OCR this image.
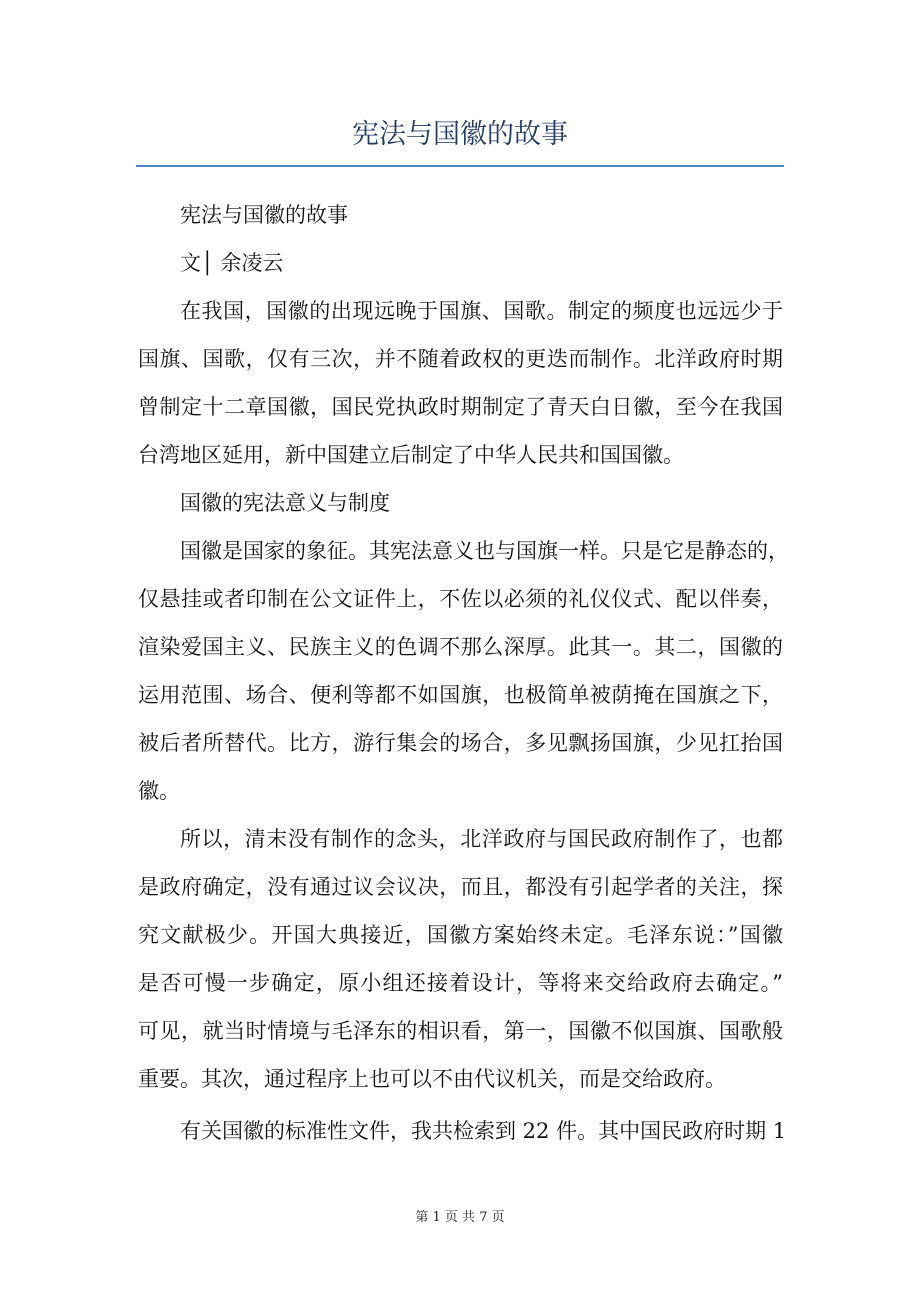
宪法与国徽的故事
宪法与国徽的故事
文│ 余凌云
在我国，国徽的出现远晚于国旗、国歌。制定的频度也远远少于
国旗、国歌，仅有三次，并不随着政权的更迭而制作。北洋政府时期
曾制定十二章国徽，国民党执政时期制定了青天白日徽，至今在我国
台湾地区延用，新中国建立后制定了中华人民共和国国徽。
国徽的宪法意义与制度
国徽是国家的象征。其宪法意义也与国旗一样。只是它是静态的，
仅悬挂或者印制在公文证件上，不佐以必须的礼仪仪式、配以伴奏，
渲染爱国主义、民族主义的色调不那么深厚。此其一。其二，国徽的
运用范围、场合、便利等都不如国旗，也极简单被荫掩在国旗之下，
被后者所替代。比方，游行集会的场合，多见飘扬国旗，少见扛抬国
徽。
所以，清末没有制作的念头，北洋政府与国民政府制作了，也都
是政府确定，没有通过议会议决，而且，都没有引起学者的关注，探
究文献极少。开国大典接近，国徽方案始终未定。毛泽东说：”国徽
是否可慢一步确定，原小组还接着设计，等将来交给政府去确定。”
可见，就当时情境与毛泽东的相识看，第一，国徽不似国旗、国歌般
重要。其次，通过程序上也可以不由代议机关，而是交给政府。
有关国徽的标准性文件，我共检索到 22 件。其中国民政府时期 1
第 1 页 共 7 页
